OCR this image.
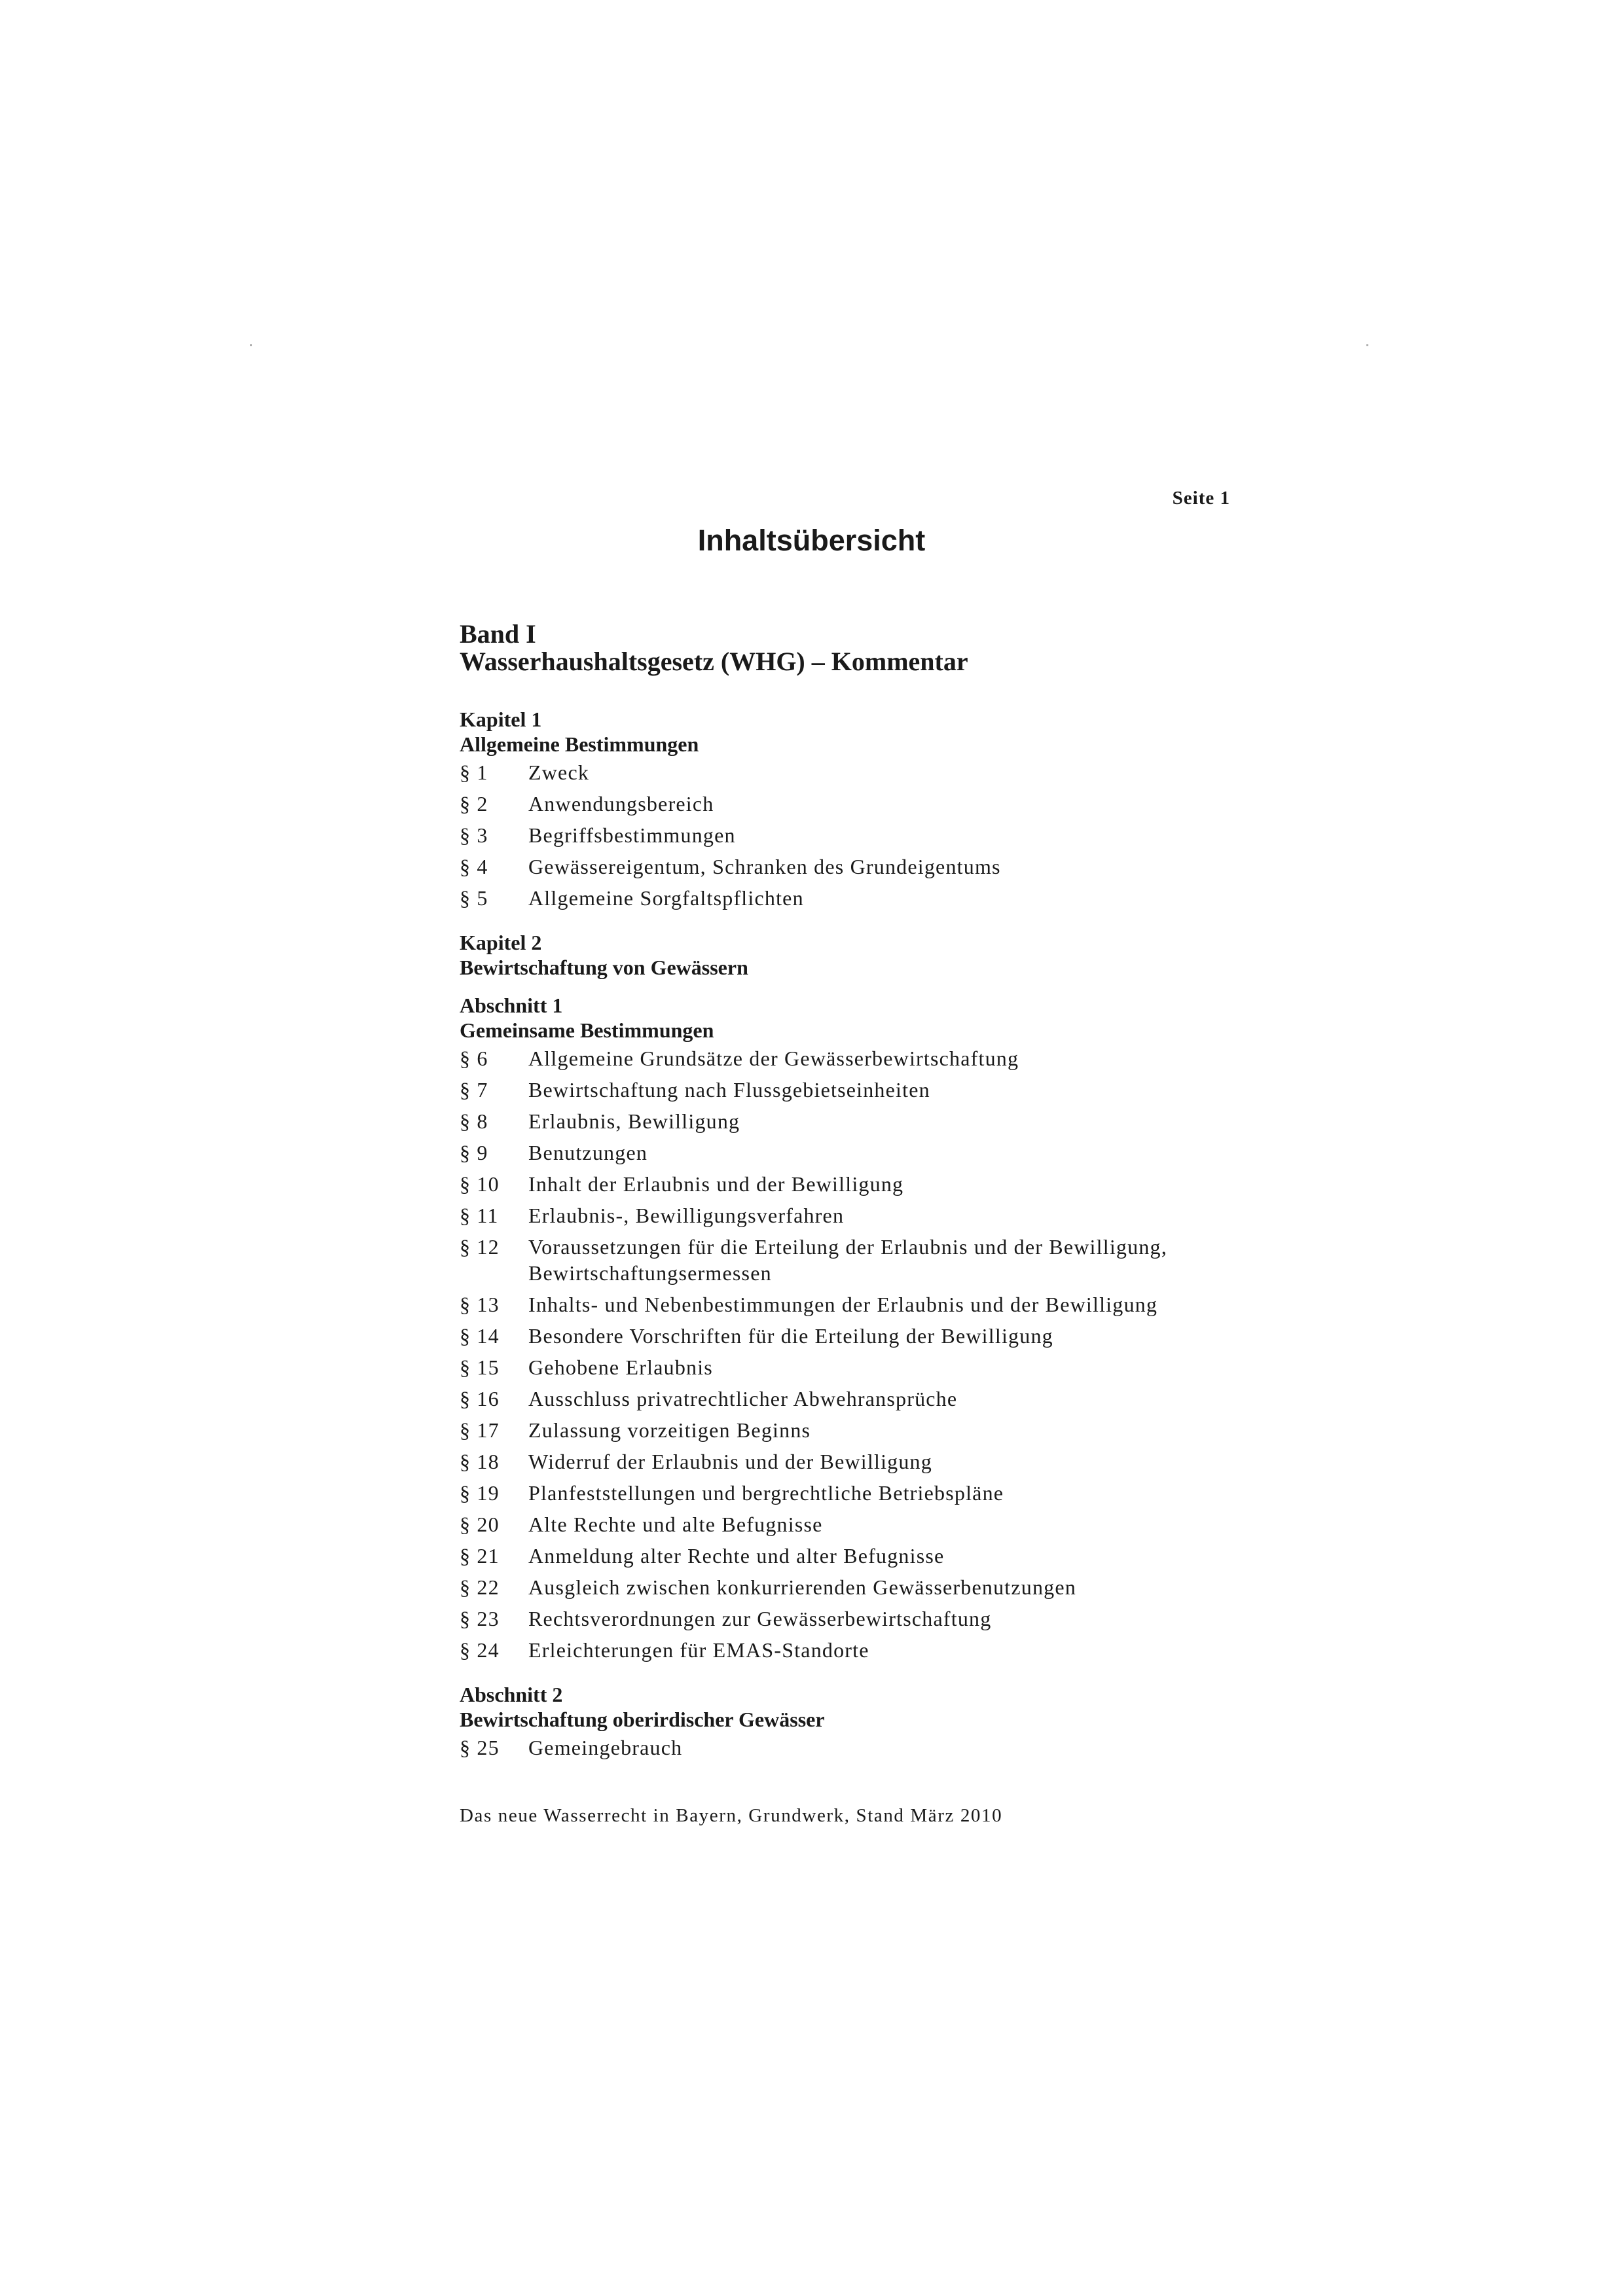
Seite 1
Inhaltsübersicht
Band I
Wasserhaushaltsgesetz (WHG) – Kommentar
Kapitel 1
Allgemeine Bestimmungen
§ 1	Zweck
§ 2	Anwendungsbereich
§ 3	Begriffsbestimmungen
§ 4	Gewässereigentum, Schranken des Grundeigentums
§ 5	Allgemeine Sorgfaltspflichten
Kapitel 2
Bewirtschaftung von Gewässern
Abschnitt 1
Gemeinsame Bestimmungen
§ 6	Allgemeine Grundsätze der Gewässerbewirtschaftung
§ 7	Bewirtschaftung nach Flussgebietseinheiten
§ 8	Erlaubnis, Bewilligung
§ 9	Benutzungen
§ 10	Inhalt der Erlaubnis und der Bewilligung
§ 11	Erlaubnis-, Bewilligungsverfahren
§ 12	Voraussetzungen für die Erteilung der Erlaubnis und der Bewilligung, Bewirtschaftungsermessen
§ 13	Inhalts- und Nebenbestimmungen der Erlaubnis und der Bewilligung
§ 14	Besondere Vorschriften für die Erteilung der Bewilligung
§ 15	Gehobene Erlaubnis
§ 16	Ausschluss privatrechtlicher Abwehransprüche
§ 17	Zulassung vorzeitigen Beginns
§ 18	Widerruf der Erlaubnis und der Bewilligung
§ 19	Planfeststellungen und bergrechtliche Betriebspläne
§ 20	Alte Rechte und alte Befugnisse
§ 21	Anmeldung alter Rechte und alter Befugnisse
§ 22	Ausgleich zwischen konkurrierenden Gewässerbenutzungen
§ 23	Rechtsverordnungen zur Gewässerbewirtschaftung
§ 24	Erleichterungen für EMAS-Standorte
Abschnitt 2
Bewirtschaftung oberirdischer Gewässer
§ 25	Gemeingebrauch
Das neue Wasserrecht in Bayern, Grundwerk, Stand März 2010
